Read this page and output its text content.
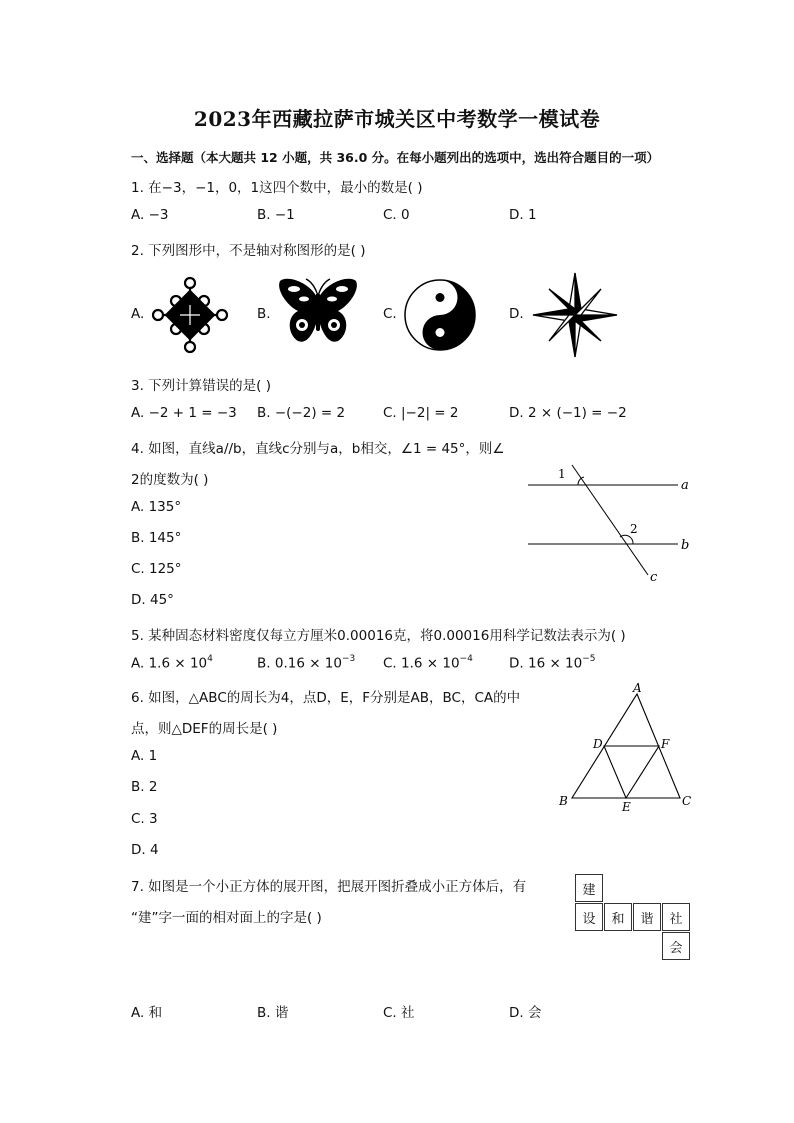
2023年西藏拉萨市城关区中考数学一模试卷
一、选择题（本大题共 12 小题，共 36.0 分。在每小题列出的选项中，选出符合题目的一项）
1. 在−3，−1，0，1这四个数中，最小的数是( )
A. −3	B. −1	C. 0	D. 1
2. 下列图形中，不是轴对称图形的是( )
A.	B.	C.	D.
3. 下列计算错误的是( )
A. −2 + 1 = −3 B. −(−2) = 2	C. |−2| = 2	D. 2 × (−1) = −2
4. 如图，直线a//b，直线c分别与a，b相交，∠1 = 45°，则∠
2的度数为( )
A. 135°
B. 145°
C. 125°
D. 45°
1
2
a
b
c
5. 某种固态材料密度仅每立方厘米0.00016克，将0.00016用科学记数法表示为( )
A. $1.6 \times 10^4$	B. $0.16 \times 10^{-3}$ C. $1.6 \times 10^{-4}$	D. $16 \times 10^{-5}$
6. 如图，△ABC的周长为4，点D，E，F分别是AB，BC，CA的中
点，则△DEF的周长是( )
A. 1
B. 2
C. 3
D. 4
A
B	C
D
E
F
7. 如图是一个小正方体的展开图，把展开图折叠成小正方体后，有
“建”字一面的相对面上的字是( )
建
设	和	谐	社
会
A. 和	B. 谐	C. 社	D. 会
